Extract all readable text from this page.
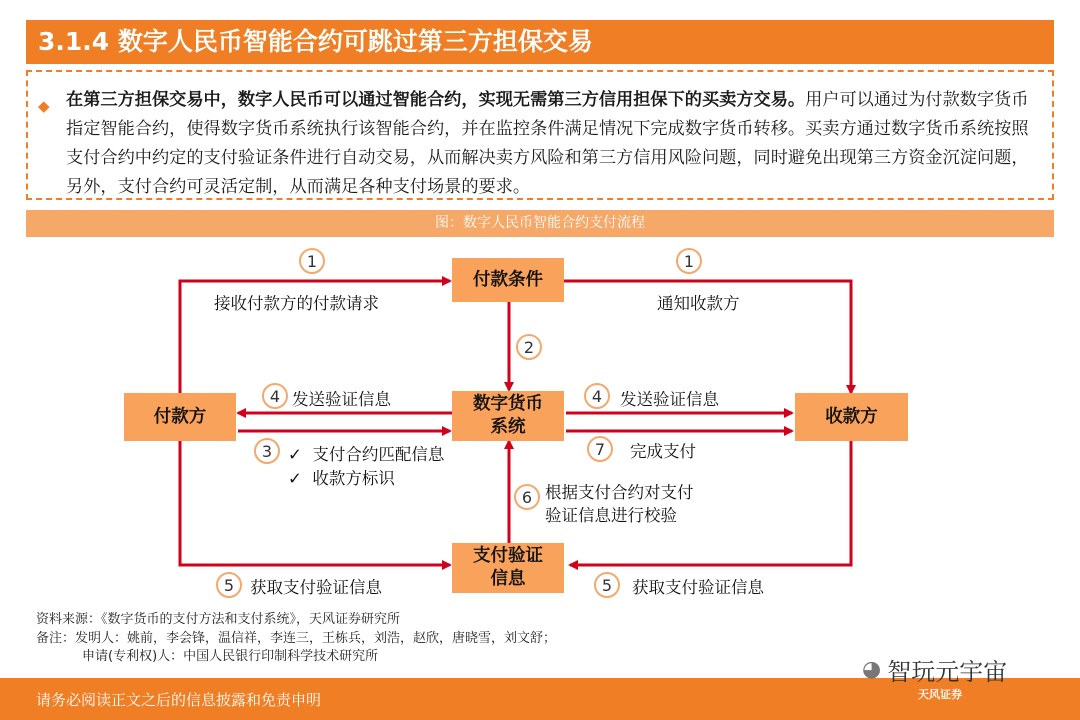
3.1.4 数字人民币智能合约可跳过第三方担保交易
◆ 在第三方担保交易中，数字人民币可以通过智能合约，实现无需第三方信用担保下的买卖方交易。用户可以通过为付款数字货币指定智能合约，使得数字货币系统执行该智能合约，并在监控条件满足情况下完成数字货币转移。买卖方通过数字货币系统按照支付合约中约定的支付验证条件进行自动交易，从而解决卖方风险和第三方信用风险问题，同时避免出现第三方资金沉淀问题，另外，支付合约可灵活定制，从而满足各种支付场景的要求。
图：数字人民币智能合约支付流程
付款条件
付款方
数字货币系统
收款方
支付验证信息
1
接收付款方的付款请求
1
通知收款方
2
4 发送验证信息	4	发送验证信息
3 ✓ 支付合约匹配信息
✓ 收款方标识
7	完成支付
6 根据支付合约对支付
验证信息进行校验
5 获取支付验证信息	5	获取支付验证信息
资料来源：《数字货币的支付方法和支付系统》，天风证券研究所
备注：发明人：姚前，李会锋，温信祥，李连三，王栋兵，刘浩，赵欣，唐晓雪，刘文舒；
申请(专利权)人：中国人民银行印制科学技术研究所
请务必阅读正文之后的信息披露和免责申明
◕ 智玩元宇宙
天风证券
